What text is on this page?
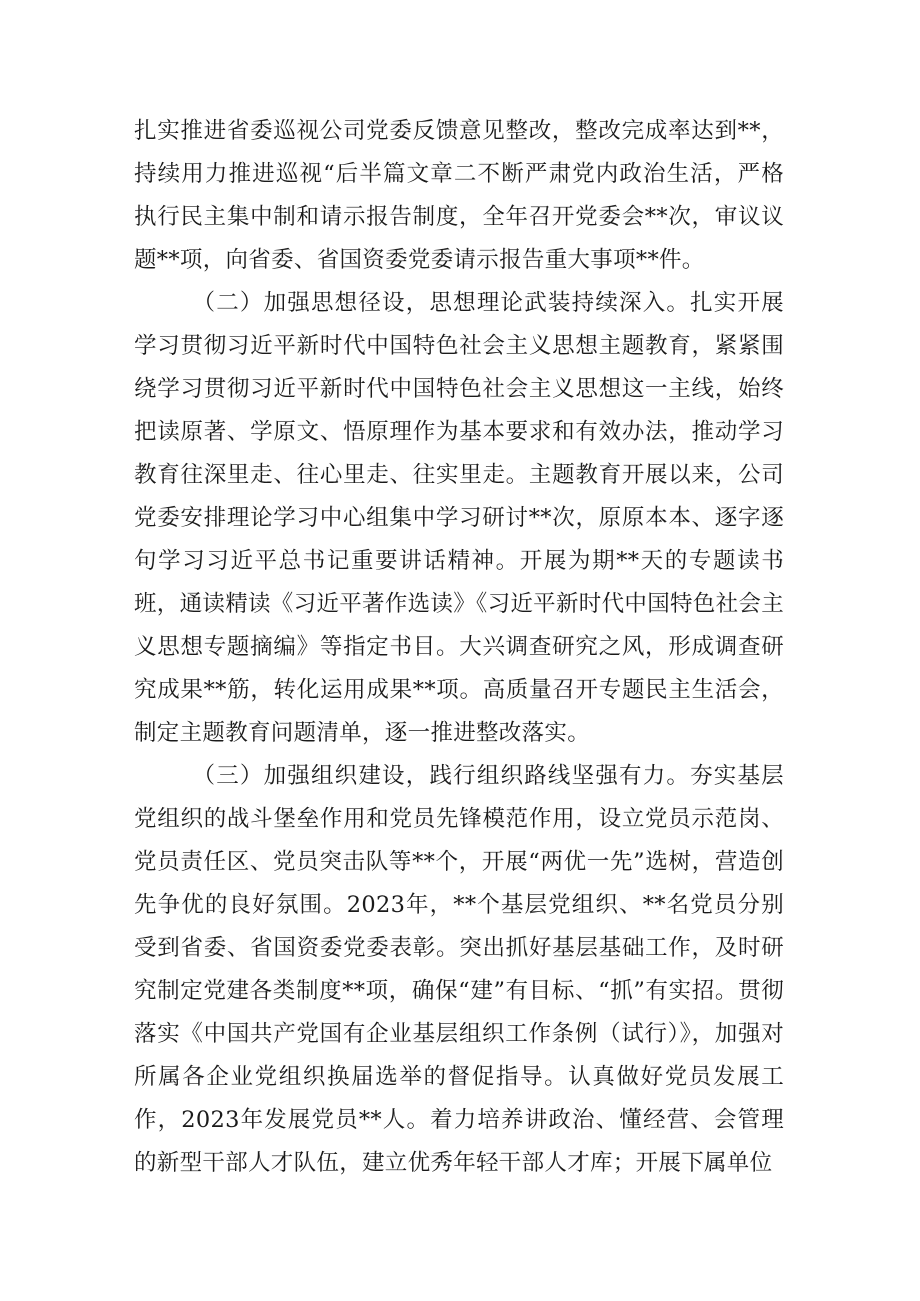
扎实推进省委巡视公司党委反馈意见整改，整改完成率达到**，持续用力推进巡视“后半篇文章二不断严肃党内政治生活，严格执行民主集中制和请示报告制度，全年召开党委会**次，审议议题**项，向省委、省国资委党委请示报告重大事项**件。

（二）加强思想径设，思想理论武装持续深入。扎实开展学习贯彻习近平新时代中国特色社会主义思想主题教育，紧紧围绕学习贯彻习近平新时代中国特色社会主义思想这一主线，始终把读原著、学原文、悟原理作为基本要求和有效办法，推动学习教育往深里走、往心里走、往实里走。主题教育开展以来，公司党委安排理论学习中心组集中学习研讨**次，原原本本、逐字逐句学习习近平总书记重要讲话精神。开展为期**天的专题读书班，通读精读《习近平著作选读》《习近平新时代中国特色社会主义思想专题摘编》等指定书目。大兴调查研究之风，形成调查研究成果**筋，转化运用成果**项。高质量召开专题民主生活会，制定主题教育问题清单，逐一推进整改落实。

（三）加强组织建设，践行组织路线坚强有力。夯实基层党组织的战斗堡垒作用和党员先锋模范作用，设立党员示范岗、党员责任区、党员突击队等**个，开展“两优一先”选树，营造创先争优的良好氛围。2023年，**个基层党组织、**名党员分别受到省委、省国资委党委表彰。突出抓好基层基础工作，及时研究制定党建各类制度**项，确保“建”有目标、“抓”有实招。贯彻落实《中国共产党国有企业基层组织工作条例（试行）》，加强对所属各企业党组织换届选举的督促指导。认真做好党员发展工作，2023年发展党员**人。着力培养讲政治、懂经营、会管理的新型干部人才队伍，建立优秀年轻干部人才库；开展下属单位
